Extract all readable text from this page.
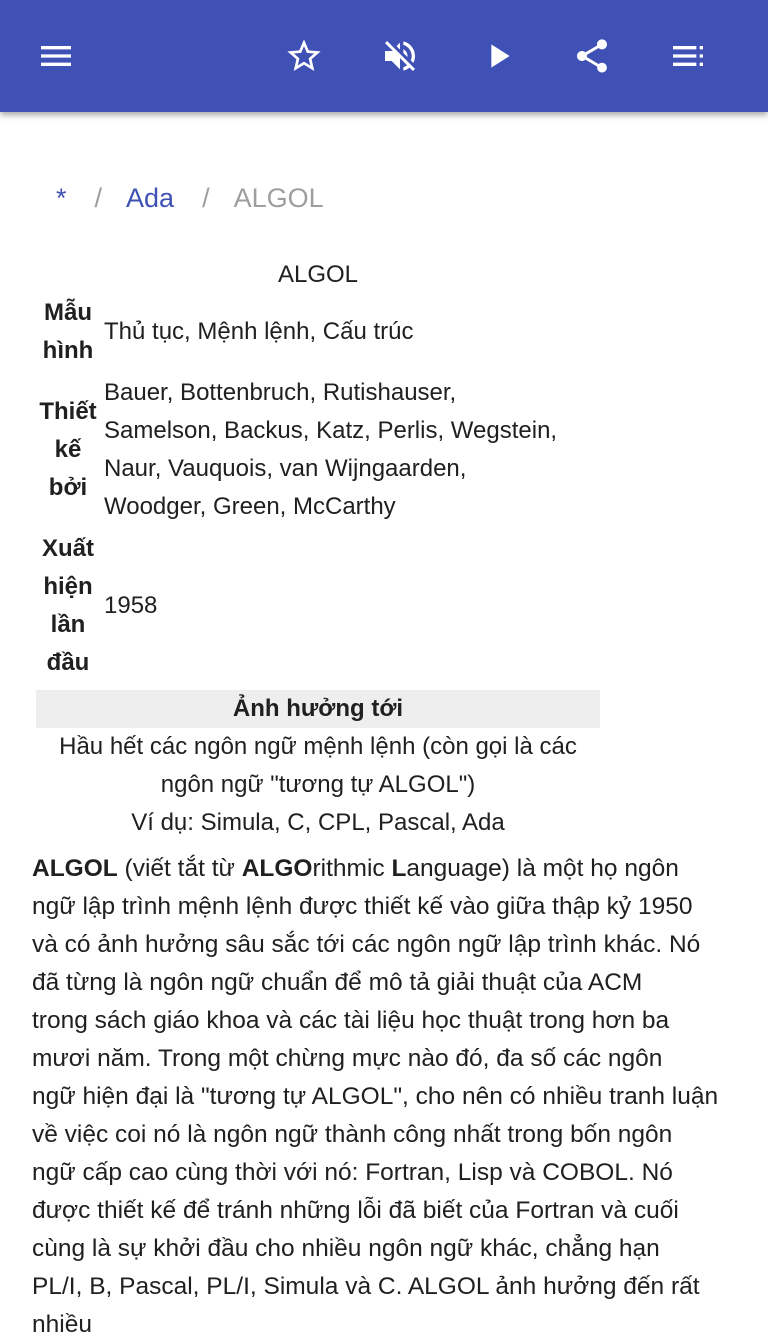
* / Ada / ALGOL
ALGOL
Mẫu
hình
Thủ tục, Mệnh lệnh, Cấu trúc
Thiết
kế
bởi
Bauer, Bottenbruch, Rutishauser,
Samelson, Backus, Katz, Perlis, Wegstein,
Naur, Vauquois, van Wijngaarden,
Woodger, Green, McCarthy
Xuất
hiện
lần
đầu
1958
Ảnh hưởng tới
Hầu hết các ngôn ngữ mệnh lệnh (còn gọi là các
ngôn ngữ "tương tự ALGOL")
Ví dụ: Simula, C, CPL, Pascal, Ada
ALGOL (viết tắt từ ALGOrithmic Language) là một họ ngôn
ngữ lập trình mệnh lệnh được thiết kế vào giữa thập kỷ 1950
và có ảnh hưởng sâu sắc tới các ngôn ngữ lập trình khác. Nó
đã từng là ngôn ngữ chuẩn để mô tả giải thuật của ACM
trong sách giáo khoa và các tài liệu học thuật trong hơn ba
mươi năm. Trong một chừng mực nào đó, đa số các ngôn
ngữ hiện đại là "tương tự ALGOL", cho nên có nhiều tranh luận
về việc coi nó là ngôn ngữ thành công nhất trong bốn ngôn
ngữ cấp cao cùng thời với nó: Fortran, Lisp và COBOL. Nó
được thiết kế để tránh những lỗi đã biết của Fortran và cuối
cùng là sự khởi đầu cho nhiều ngôn ngữ khác, chẳng hạn
PL/I, B, Pascal, PL/I, Simula và C. ALGOL ảnh hưởng đến rất nhiều
